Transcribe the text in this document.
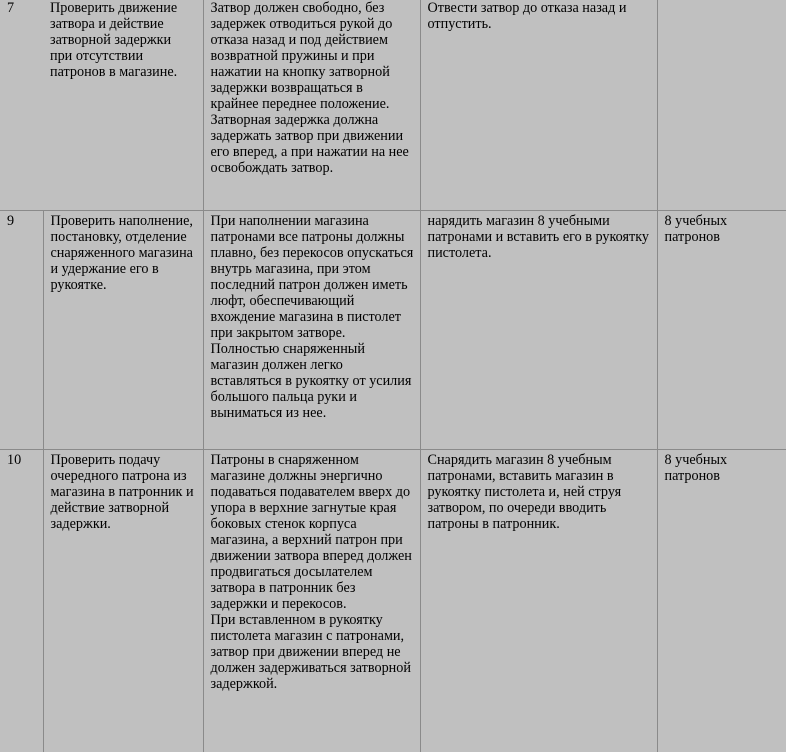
7	Проверить движение затвора и действие затворной задержки при отсутствии патронов в магазине.	Затвор должен свободно, без задержек отводиться рукой до отказа назад и под действием возвратной пружины и при нажатии на кнопку затворной задержки возвращаться в крайнее переднее положение.
Затворная задержка должна задержать затвор при движении его вперед, а при нажатии на нее освобождать затвор.	Отвести затвор до отказа назад и отпустить.	
9	Проверить наполнение, постановку, отделение снаряженного магазина и удержание его в рукоятке.	При наполнении магазина патронами все патроны должны плавно, без перекосов опускаться внутрь магазина, при этом последний патрон должен иметь люфт, обеспечивающий вхождение магазина в пистолет при закрытом затворе.
Полностью снаряженный магазин должен легко вставляться в рукоятку от усилия большого пальца руки и выниматься из нее.	нарядить магазин 8 учебными патронами и вставить его в рукоятку пистолета.	8 учебных патронов
10	Проверить подачу очередного патрона из магазина в патронник и действие затворной задержки.	Патроны в снаряженном магазине должны энергично подаваться подавателем вверх до упора в верхние загнутые края боковых стенок корпуса магазина, а верхний патрон при движении затвора вперед должен продвигаться досылателем затвора в патронник без задержки и перекосов.
При вставленном в рукоятку пистолета магазин с патронами, затвор при движении вперед не должен задерживаться затворной задержкой.	Снарядить магазин 8 учебным патронами, вставить магазин в рукоятку пистолета и, ней струя затвором, по очереди вводить патроны в патронник.	8 учебных патронов
